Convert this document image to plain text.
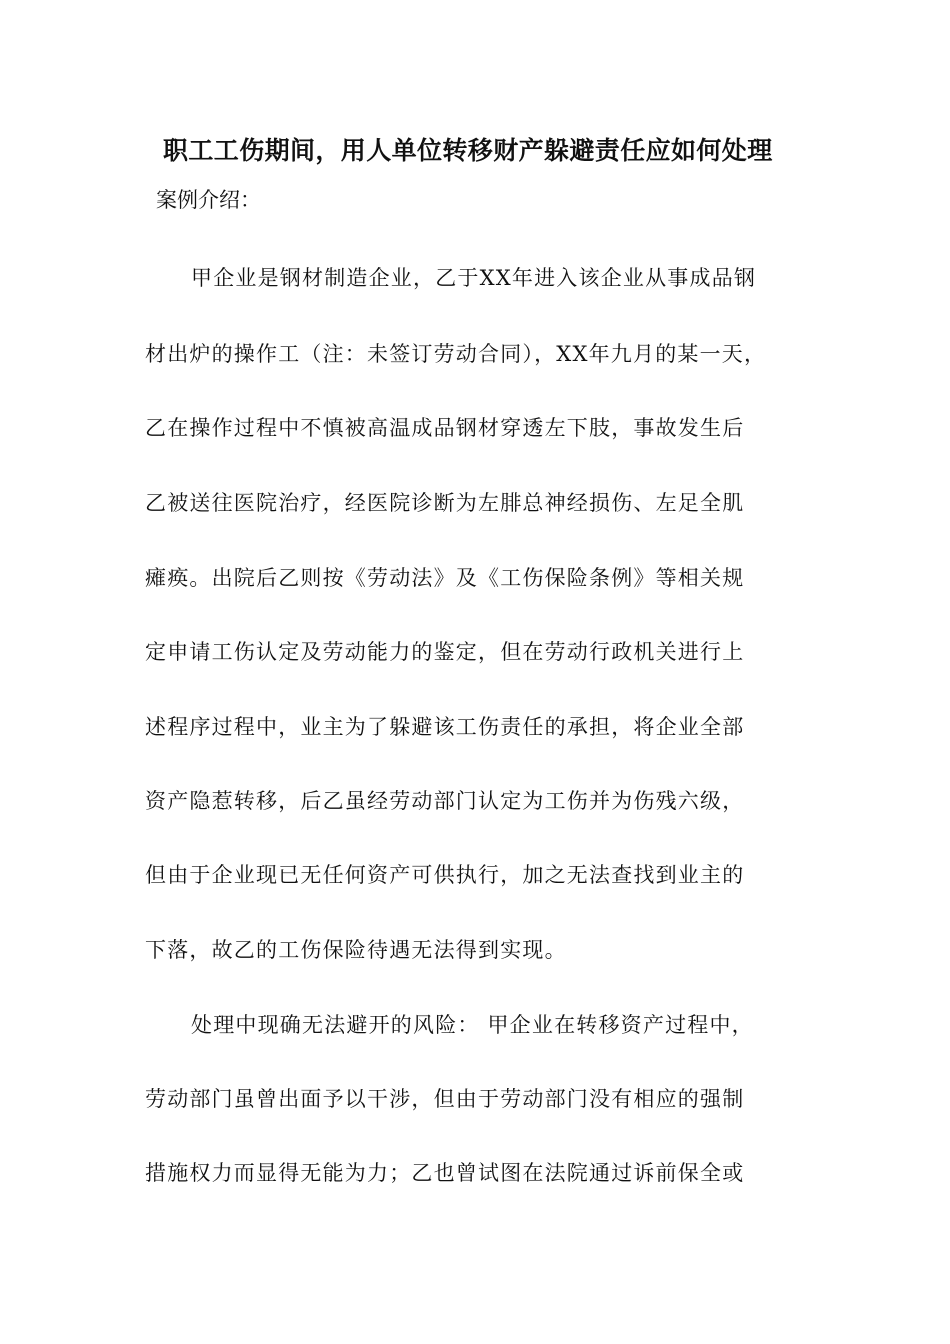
职工工伤期间，用人单位转移财产躲避责任应如何处理

案例介绍：

甲企业是钢材制造企业，乙于XX年进入该企业从事成品钢

材出炉的操作工（注：未签订劳动合同），XX年九月的某一天，

乙在操作过程中不慎被高温成品钢材穿透左下肢，事故发生后

乙被送往医院治疗，经医院诊断为左腓总神经损伤、左足全肌

瘫痪。出院后乙则按《劳动法》及《工伤保险条例》等相关规

定申请工伤认定及劳动能力的鉴定，但在劳动行政机关进行上

述程序过程中，业主为了躲避该工伤责任的承担，将企业全部

资产隐惹转移，后乙虽经劳动部门认定为工伤并为伤残六级，

但由于企业现已无任何资产可供执行，加之无法查找到业主的

下落，故乙的工伤保险待遇无法得到实现。

处理中现确无法避开的风险： 甲企业在转移资产过程中，

劳动部门虽曾出面予以干涉，但由于劳动部门没有相应的强制

措施权力而显得无能为力；乙也曾试图在法院通过诉前保全或
